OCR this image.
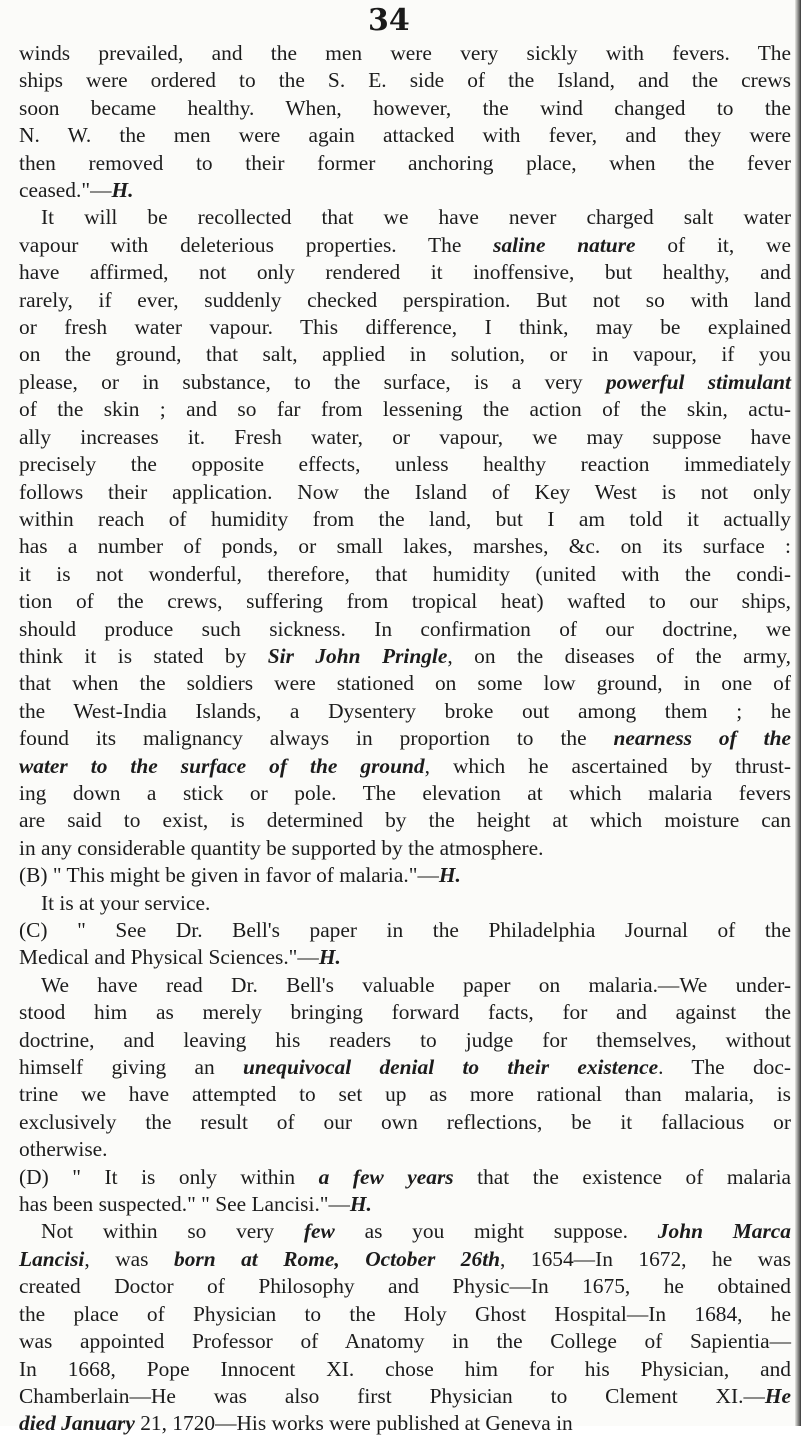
34
winds prevailed, and the men were very sickly with fevers. The
ships were ordered to the S. E. side of the Island, and the crews
soon became healthy. When, however, the wind changed to the
N. W. the men were again attacked with fever, and they were
then removed to their former anchoring place, when the fever
ceased."—H.
It will be recollected that we have never charged salt water
vapour with deleterious properties. The saline nature of it, we
have affirmed, not only rendered it inoffensive, but healthy, and
rarely, if ever, suddenly checked perspiration. But not so with land
or fresh water vapour. This difference, I think, may be explained
on the ground, that salt, applied in solution, or in vapour, if you
please, or in substance, to the surface, is a very powerful stimulant
of the skin ; and so far from lessening the action of the skin, actu-
ally increases it. Fresh water, or vapour, we may suppose have
precisely the opposite effects, unless healthy reaction immediately
follows their application. Now the Island of Key West is not only
within reach of humidity from the land, but I am told it actually
has a number of ponds, or small lakes, marshes, &c. on its surface :
it is not wonderful, therefore, that humidity (united with the condi-
tion of the crews, suffering from tropical heat) wafted to our ships,
should produce such sickness. In confirmation of our doctrine, we
think it is stated by Sir John Pringle, on the diseases of the army,
that when the soldiers were stationed on some low ground, in one of
the West-India Islands, a Dysentery broke out among them ; he
found its malignancy always in proportion to the nearness of the
water to the surface of the ground, which he ascertained by thrust-
ing down a stick or pole. The elevation at which malaria fevers
are said to exist, is determined by the height at which moisture can
in any considerable quantity be supported by the atmosphere.
(B) " This might be given in favor of malaria."—H.
It is at your service.
(C) " See Dr. Bell's paper in the Philadelphia Journal of the
Medical and Physical Sciences."—H.
We have read Dr. Bell's valuable paper on malaria.—We under-
stood him as merely bringing forward facts, for and against the
doctrine, and leaving his readers to judge for themselves, without
himself giving an unequivocal denial to their existence. The doc-
trine we have attempted to set up as more rational than malaria, is
exclusively the result of our own reflections, be it fallacious or
otherwise.
(D) " It is only within a few years that the existence of malaria
has been suspected." " See Lancisi."—H.
Not within so very few as you might suppose. John Marca
Lancisi, was born at Rome, October 26th, 1654—In 1672, he was
created Doctor of Philosophy and Physic—In 1675, he obtained
the place of Physician to the Holy Ghost Hospital—In 1684, he
was appointed Professor of Anatomy in the College of Sapientia—
In 1668, Pope Innocent XI. chose him for his Physician, and
Chamberlain—He was also first Physician to Clement XI.—He
died January 21, 1720—His works were published at Geneva in
